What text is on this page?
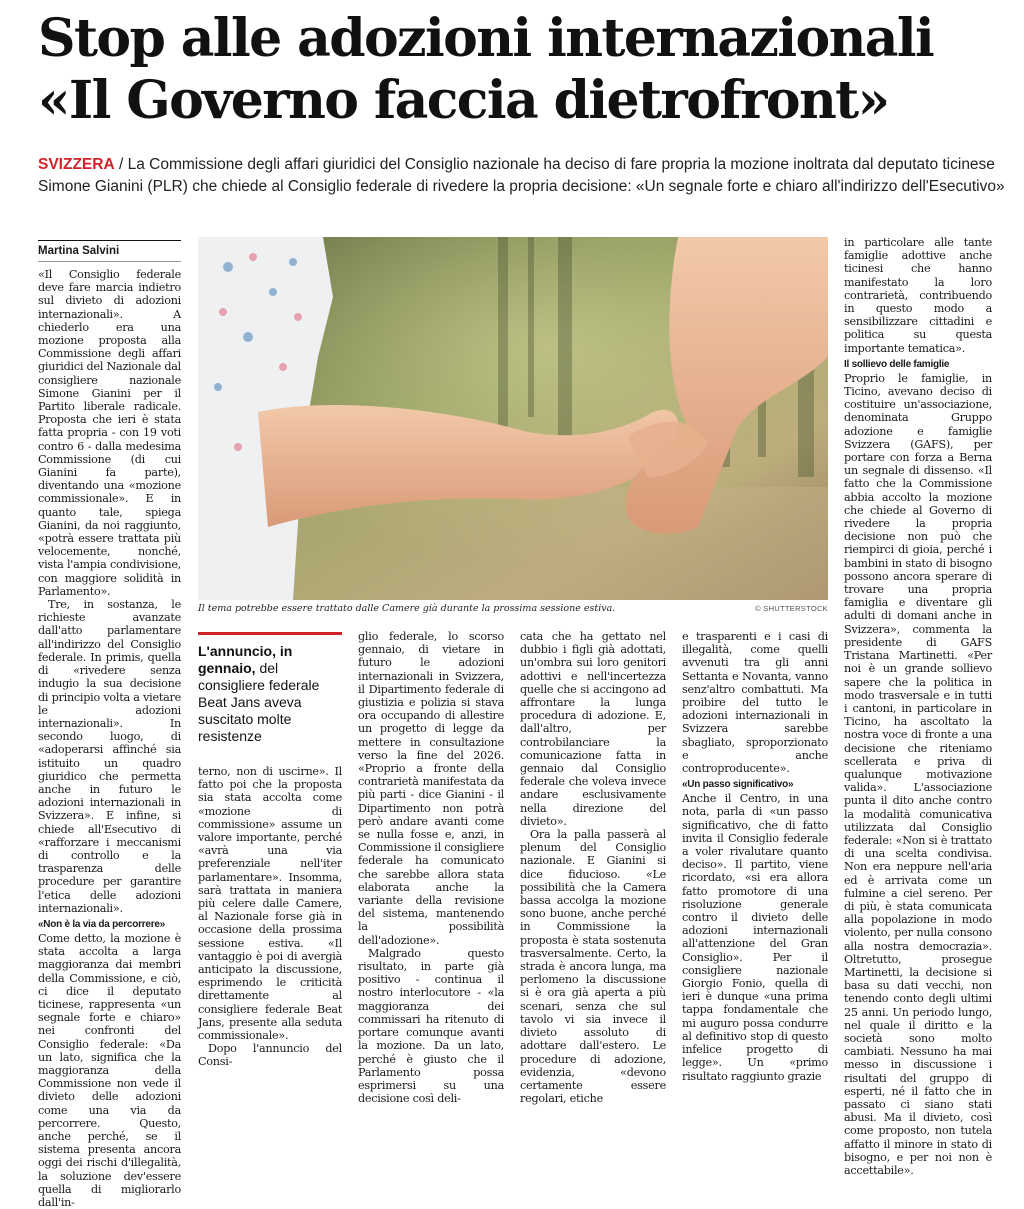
Stop alle adozioni internazionali
«Il Governo faccia dietrofront»

SVIZZERA / La Commissione degli affari giuridici del Consiglio nazionale ha deciso di fare propria la mozione inoltrata dal deputato ticinese Simone Gianini (PLR) che chiede al Consiglio federale di rivedere la propria decisione: «Un segnale forte e chiaro all'indirizzo dell'Esecutivo»

Martina Salvini

«Il Consiglio federale deve fare marcia indietro sul divieto di adozioni internazionali». A chiederlo era una mozione proposta alla Commissione degli affari giuridici del Nazionale dal consigliere nazionale Simone Gianini per il Partito liberale radicale. Proposta che ieri è stata fatta propria - con 19 voti contro 6 - dalla medesima Commissione (di cui Gianini fa parte), diventando una «mozione commissionale». E in quanto tale, spiega Gianini, da noi raggiunto, «potrà essere trattata più velocemente, nonché, vista l'ampia condivisione, con maggiore solidità in Parlamento».

Tre, in sostanza, le richieste avanzate dall'atto parlamentare all'indirizzo del Consiglio federale. In primis, quella di «rivedere senza indugio la sua decisione di principio volta a vietare le adozioni internazionali». In secondo luogo, di «adoperarsi affinché sia istituito un quadro giuridico che permetta anche in futuro le adozioni internazionali in Svizzera». E infine, si chiede all'Esecutivo di «rafforzare i meccanismi di controllo e la trasparenza delle procedure per garantire l'etica delle adozioni internazionali».

«Non è la via da percorrere»

Come detto, la mozione è stata accolta a larga maggioranza dai membri della Commissione, e ciò, ci dice il deputato ticinese, rappresenta «un segnale forte e chiaro» nei confronti del Consiglio federale: «Da un lato, significa che la maggioranza della Commissione non vede il divieto delle adozioni come una via da percorrere. Questo, anche perché, se il sistema presenta ancora oggi dei rischi d'illegalità, la soluzione dev'essere quella di migliorarlo dall'in-

Il tema potrebbe essere trattato dalle Camere già durante la prossima sessione estiva.	© SHUTTERSTOCK
L'annuncio, in gennaio, del consigliere federale Beat Jans aveva suscitato molte resistenze

terno, non di uscirne». Il fatto poi che la proposta sia stata accolta come «mozione di commissione» assume un valore importante, perché «avrà una via preferenziale nell'iter parlamentare». Insomma, sarà trattata in maniera più celere dalle Camere, al Nazionale forse già in occasione della prossima sessione estiva. «Il vantaggio è poi di avergià anticipato la discussione, esprimendo le criticità direttamente al consigliere federale Beat Jans, presente alla seduta commissionale».

Dopo l'annuncio del Consi-

glio federale, lo scorso gennaio, di vietare in futuro le adozioni internazionali in Svizzera, il Dipartimento federale di giustizia e polizia si stava ora occupando di allestire un progetto di legge da mettere in consultazione verso la fine del 2026. «Proprio a fronte della contrarietà manifestata da più parti - dice Gianini - il Dipartimento non potrà però andare avanti come se nulla fosse e, anzi, in Commissione il consigliere federale ha comunicato che sarebbe allora stata elaborata anche la variante della revisione del sistema, mantenendo la possibilità dell'adozione».

Malgrado questo risultato, in parte già positivo - continua il nostro interlocutore - «la maggioranza dei commissari ha ritenuto di portare comunque avanti la mozione. Da un lato, perché è giusto che il Parlamento possa esprimersi su una decisione così deli-

cata che ha gettato nel dubbio i figli già adottati, un'ombra sui loro genitori adottivi e nell'incertezza quelle che si accingono ad affrontare la lunga procedura di adozione. E, dall'altro, per controbilanciare la comunicazione fatta in gennaio dal Consiglio federale che voleva invece andare esclusivamente nella direzione del divieto».

Ora la palla passerà al plenum del Consiglio nazionale. E Gianini si dice fiducioso. «Le possibilità che la Camera bassa accolga la mozione sono buone, anche perché in Commissione la proposta è stata sostenuta trasversalmente. Certo, la strada è ancora lunga, ma perlomeno la discussione si è ora già aperta a più scenari, senza che sul tavolo vi sia invece il divieto assoluto di adottare dall'estero. Le procedure di adozione, evidenzia, «devono certamente essere regolari, etiche

e trasparenti e i casi di illegalità, come quelli avvenuti tra gli anni Settanta e Novanta, vanno senz'altro combattuti. Ma proibire del tutto le adozioni internazionali in Svizzera sarebbe sbagliato, sproporzionato e anche controproducente».

«Un passo significativo»

Anche il Centro, in una nota, parla di «un passo significativo, che di fatto invita il Consiglio federale a voler rivalutare quanto deciso». Il partito, viene ricordato, «si era allora fatto promotore di una risoluzione generale contro il divieto delle adozioni internazionali all'attenzione del Gran Consiglio». Per il consigliere nazionale Giorgio Fonio, quella di ieri è dunque «una prima tappa fondamentale che mi auguro possa condurre al definitivo stop di questo infelice progetto di legge». Un «primo risultato raggiunto grazie

in particolare alle tante famiglie adottive anche ticinesi che hanno manifestato la loro contrarietà, contribuendo in questo modo a sensibilizzare cittadini e politica su questa importante tematica».

Il sollievo delle famiglie

Proprio le famiglie, in Ticino, avevano deciso di costituire un'associazione, denominata Gruppo adozione e famiglie Svizzera (GAFS), per portare con forza a Berna un segnale di dissenso. «Il fatto che la Commissione abbia accolto la mozione che chiede al Governo di rivedere la propria decisione non può che riempirci di gioia, perché i bambini in stato di bisogno possono ancora sperare di trovare una propria famiglia e diventare gli adulti di domani anche in Svizzera», commenta la presidente di GAFS Tristana Martinetti. «Per noi è un grande sollievo sapere che la politica in modo trasversale e in tutti i cantoni, in particolare in Ticino, ha ascoltato la nostra voce di fronte a una decisione che riteniamo scellerata e priva di qualunque motivazione valida». L'associazione punta il dito anche contro la modalità comunicativa utilizzata dal Consiglio federale: «Non si è trattato di una scelta condivisa. Non era neppure nell'aria ed è arrivata come un fulmine a ciel sereno. Per di più, è stata comunicata alla popolazione in modo violento, per nulla consono alla nostra democrazia». Oltretutto, prosegue Martinetti, la decisione si basa su dati vecchi, non tenendo conto degli ultimi 25 anni. Un periodo lungo, nel quale il diritto e la società sono molto cambiati. Nessuno ha mai messo in discussione i risultati del gruppo di esperti, né il fatto che in passato ci siano stati abusi. Ma il divieto, così come proposto, non tutela affatto il minore in stato di bisogno, e per noi non è accettabile».
